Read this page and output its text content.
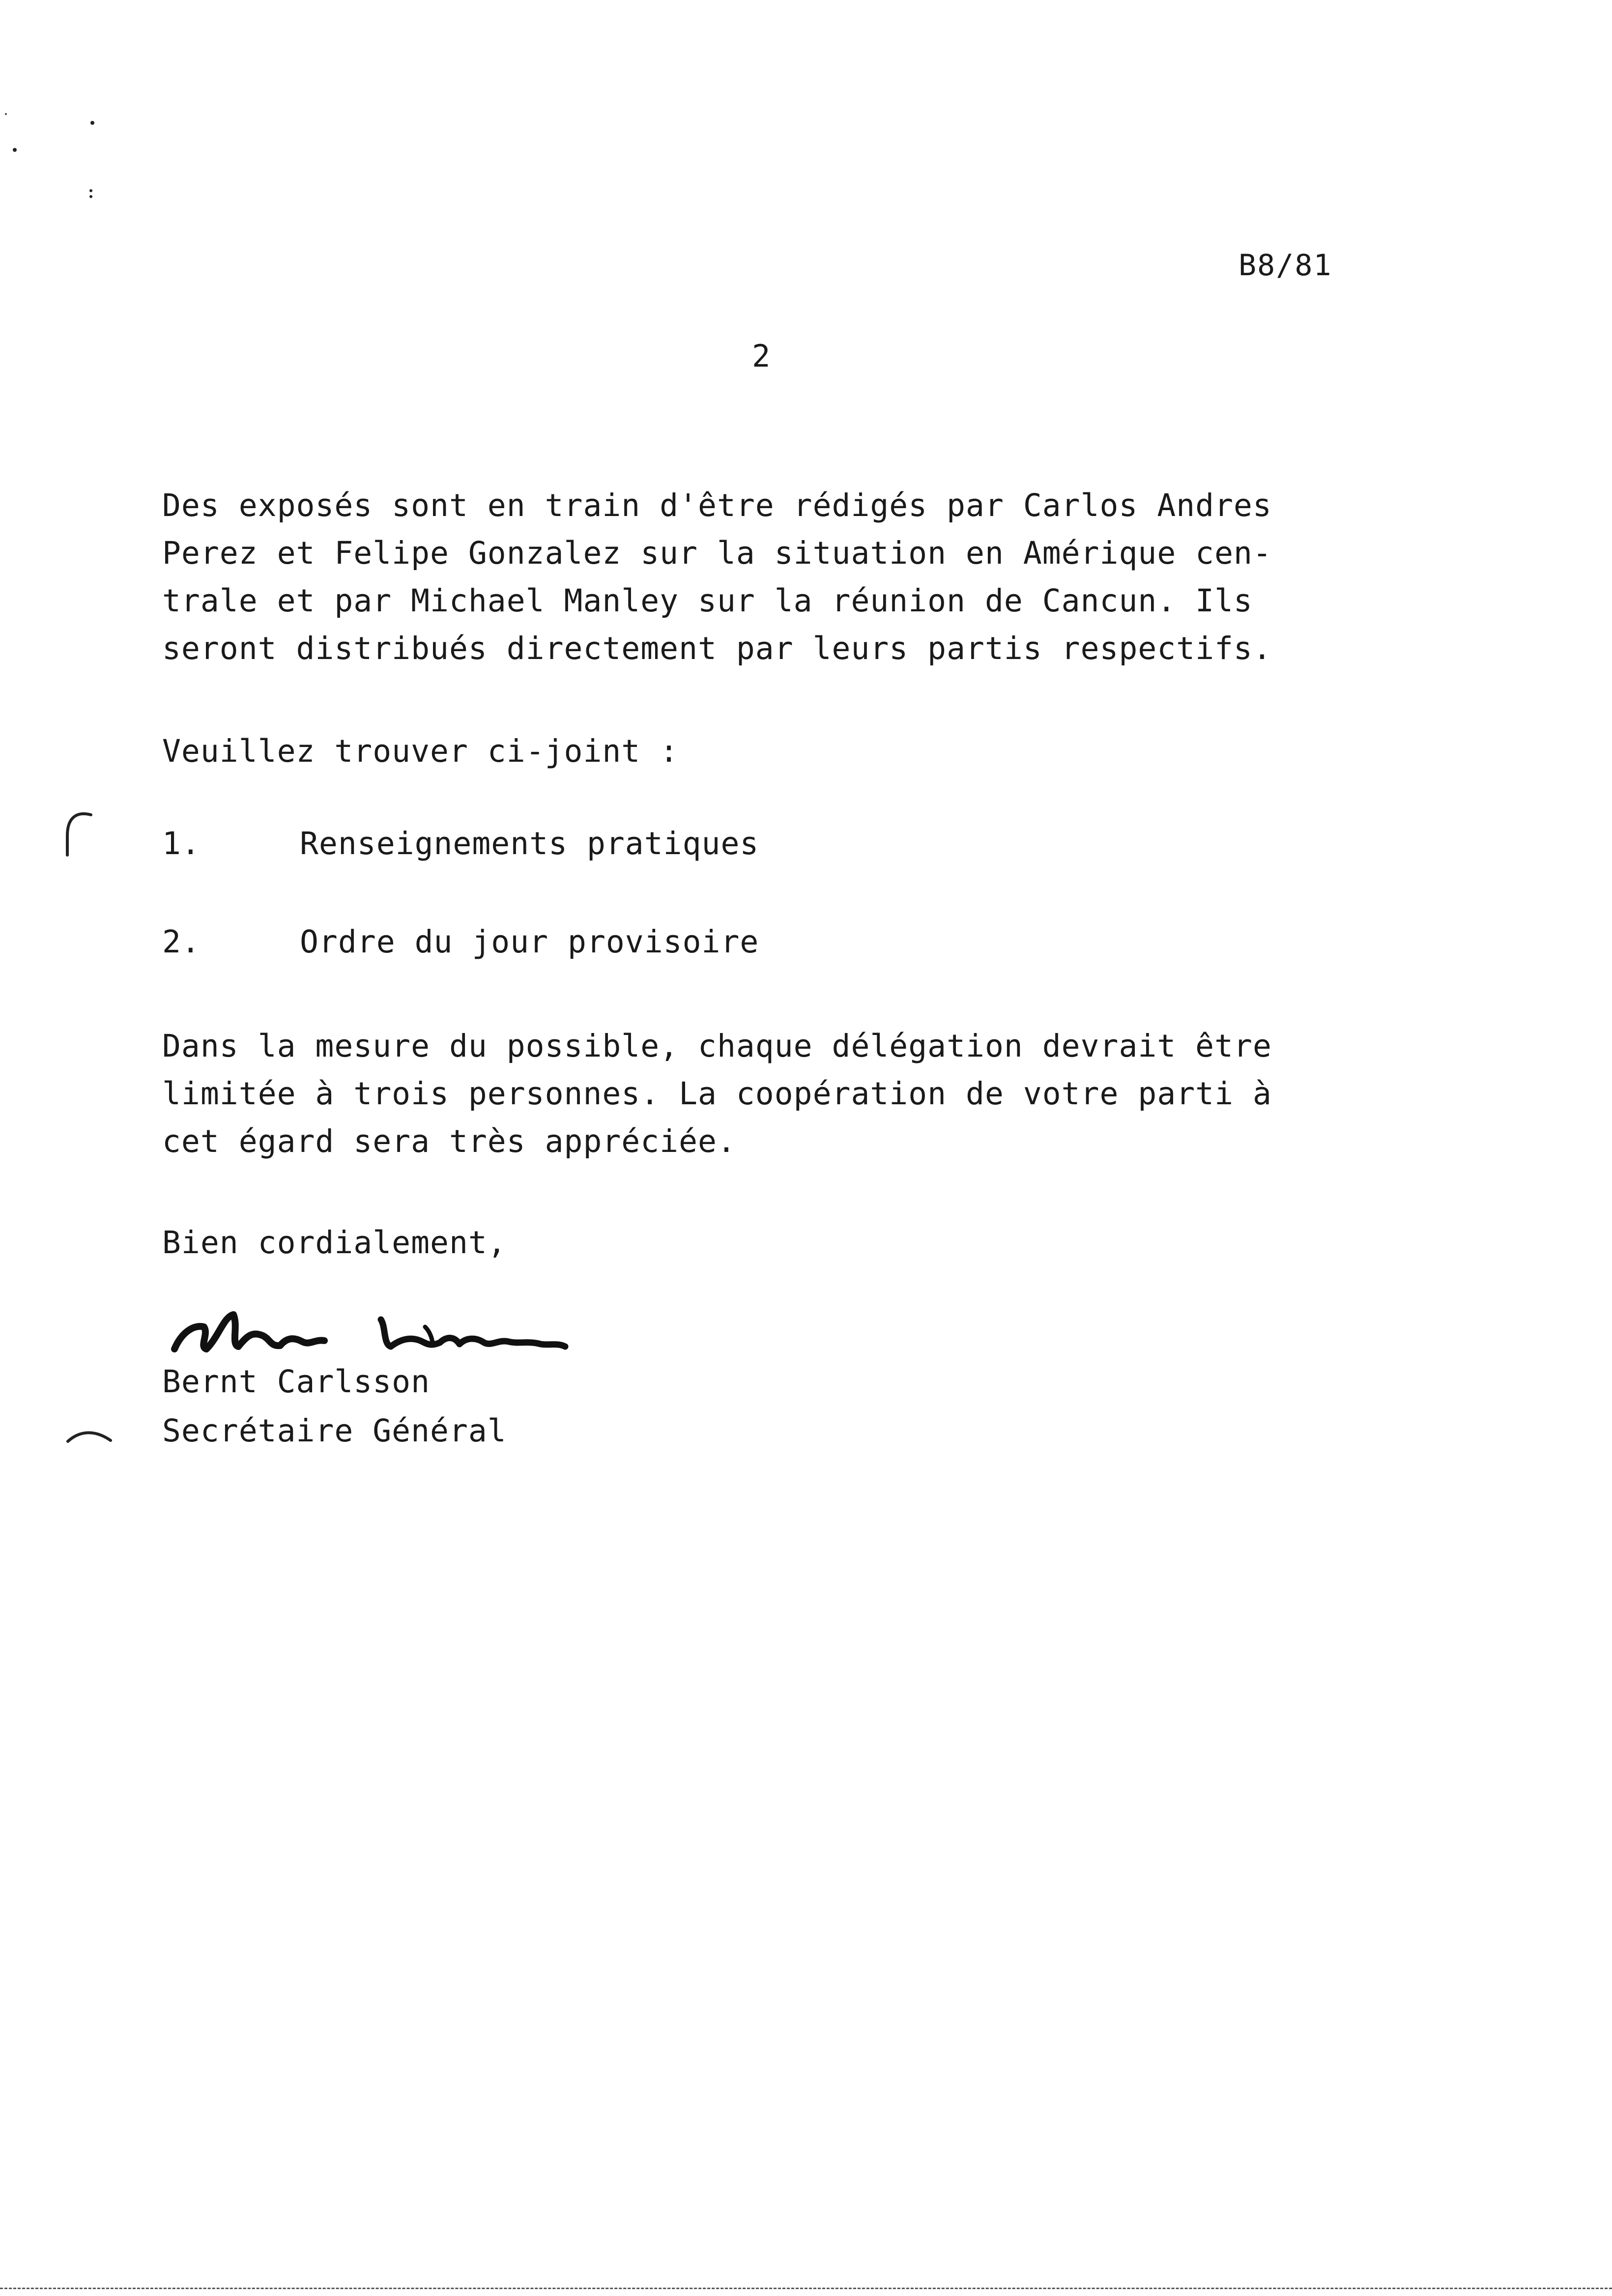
B8/81
2

Des exposés sont en train d'être rédigés par Carlos Andres
Perez et Felipe Gonzalez sur la situation en Amérique cen-
trale et par Michael Manley sur la réunion de Cancun. Ils
seront distribués directement par leurs partis respectifs.

Veuillez trouver ci-joint :

1.	Renseignements pratiques
2.	Ordre du jour provisoire

Dans la mesure du possible, chaque délégation devrait être
limitée à trois personnes. La coopération de votre parti à
cet égard sera très appréciée.

Bien cordialement,

Bernt Carlsson
Secrétaire Général
